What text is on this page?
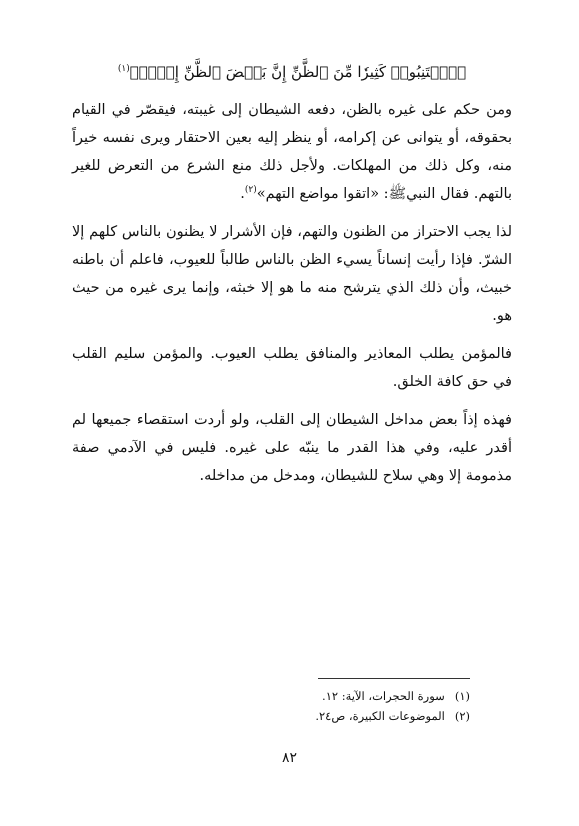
﴿ٱجۡتَنِبُوا۟ كَثِيرٗا مِّنَ ٱلظَّنِّ إِنَّ بَعۡضَ ٱلظَّنِّ إِثۡمٞ﴾$^{(١)}$

ومن حكم على غيره بالظن، دفعه الشيطان إلى غيبته، فيقصّر في القيام بحقوقه، أو يتوانى عن إكرامه، أو ينظر إليه بعين الاحتقار ويرى نفسه خيراً منه، وكل ذلك من المهلكات. ولأجل ذلك منع الشرع من التعرض للغير بالتهم. فقال النبيﷺ: «اتقوا مواضع التهم»$^{(٢)}$.

لذا يجب الاحتراز من الظنون والتهم، فإن الأشرار لا يظنون بالناس كلهم إلا الشرّ. فإذا رأيت إنساناً يسيء الظن بالناس طالباً للعيوب، فاعلم أن باطنه خبيث، وأن ذلك الذي يترشح منه ما هو إلا خبثه، وإنما يرى غيره من حيث هو.

فالمؤمن يطلب المعاذير والمنافق يطلب العيوب. والمؤمن سليم القلب في حق كافة الخلق.

فهذه إذاً بعض مداخل الشيطان إلى القلب، ولو أردت استقصاء جميعها لم أقدر عليه، وفي هذا القدر ما ينبّه على غيره. فليس في الآدمي صفة مذمومة إلا وهي سلاح للشيطان، ومدخل من مداخله.

(١)
سورة الحجرات، الآية: ١٢.
(٢)
الموضوعات الكبيرة، ص٢٤.
٨٢
